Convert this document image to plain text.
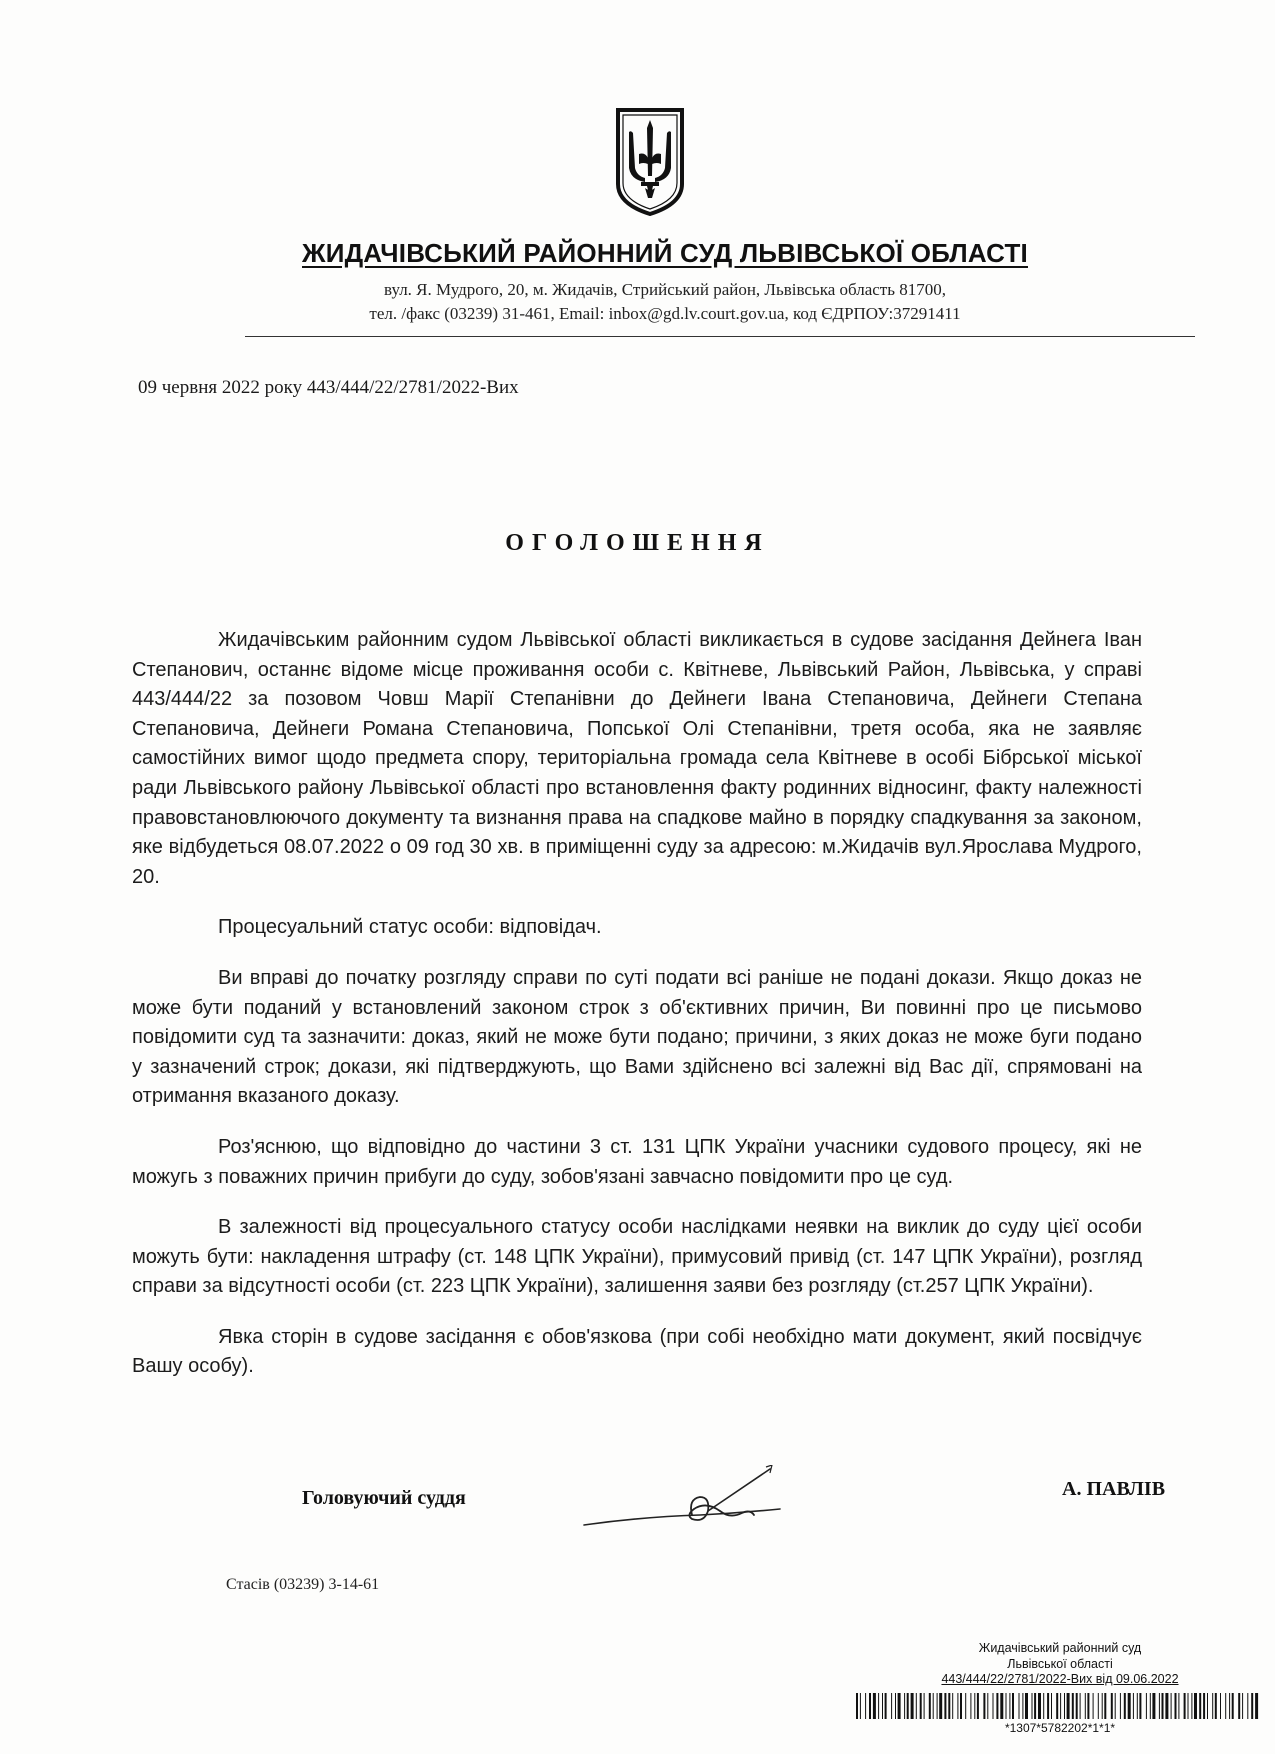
ЖИДАЧІВСЬКИЙ РАЙОННИЙ СУД ЛЬВІВСЬКОЇ ОБЛАСТІ
вул. Я. Мудрого, 20, м. Жидачів, Стрийський район, Львівська область 81700,
тел. /факс (03239) 31-461, Email: inbox@gd.lv.court.gov.ua, код ЄДРПОУ:37291411
09 червня 2022 року 443/444/22/2781/2022-Вих
ОГОЛОШЕННЯ

Жидачівським районним судом Львівської області викликається в судове засідання Дейнега Іван Степанович, останнє відоме місце проживання особи с. Квітневе, Львівський Район, Львівська, у справі 443/444/22 за позовом Човш Марії Степанівни до Дейнеги Івана Степановича, Дейнеги Степана Степановича, Дейнеги Романа Степановича, Попської Олі Степанівни, третя особа, яка не заявляє самостійних вимог щодо предмета спору, територіальна громада села Квітневе в особі Бібрської міської ради Львівського району Львівської області про встановлення факту родинних відносинг, факту належності правовстановлюючого документу та визнання права на спадкове майно в порядку спадкування за законом, яке відбудеться 08.07.2022 о 09 год 30 хв. в приміщенні суду за адресою: м.Жидачів вул.Ярослава Мудрого, 20.

Процесуальний статус особи: відповідач.

Ви вправі до початку розгляду справи по суті подати всі раніше не подані докази. Якщо доказ не може бути поданий у встановлений законом строк з об'єктивних причин, Ви повинні про це письмово повідомити суд та зазначити: доказ, який не може бути подано; причини, з яких доказ не може буги подано у зазначений строк; докази, які підтверджують, що Вами здійснено всі залежні від Вас дії, спрямовані на отримання вказаного доказу.

Роз'яснюю, що відповідно до частини 3 ст. 131 ЦПК України учасники судового процесу, які не можугь з поважних причин прибуги до суду, зобов'язані завчасно повідомити про це суд.

В залежності від процесуального статусу особи наслідками неявки на виклик до суду цієї особи можуть бути: накладення штрафу (ст. 148 ЦПК України), примусовий привід (ст. 147 ЦПК України), розгляд справи за відсутності особи (ст. 223 ЦПК України), залишення заяви без розгляду (ст.257 ЦПК України).

Явка сторін в судове засідання є обов'язкова (при собі необхідно мати документ, який посвідчує Вашу особу).

Головуючий суддя	А. ПАВЛІВ
Стасів (03239) 3-14-61
Жидачівський районний суд
Львівської області
443/444/22/2781/2022-Вих від 09.06.2022
*1307*5782202*1*1*
